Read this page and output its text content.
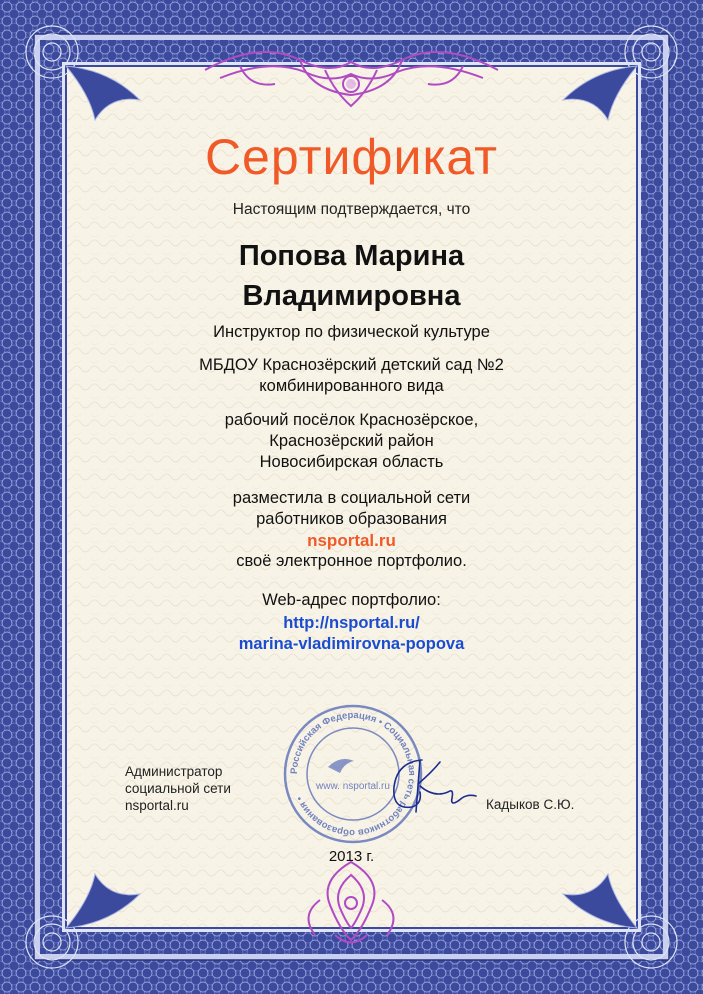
Сертификат
Настоящим подтверждается, что
Попова Марина
Владимировна
Инструктор по физической культуре
МБДОУ Краснозёрский детский сад №2
комбинированного вида
рабочий посёлок Краснозёрское,
Краснозёрский район
Новосибирская область
разместила в социальной сети
работников образования
nsportal.ru
своё электронное портфолио.
Web-адрес портфолио:
http://nsportal.ru/
marina-vladimirovna-popova
Российская Федерация • Социальная сеть работников образования •
www. nsportal.ru
Администратор
социальной сети
nsportal.ru	Кадыков С.Ю.
2013 г.
